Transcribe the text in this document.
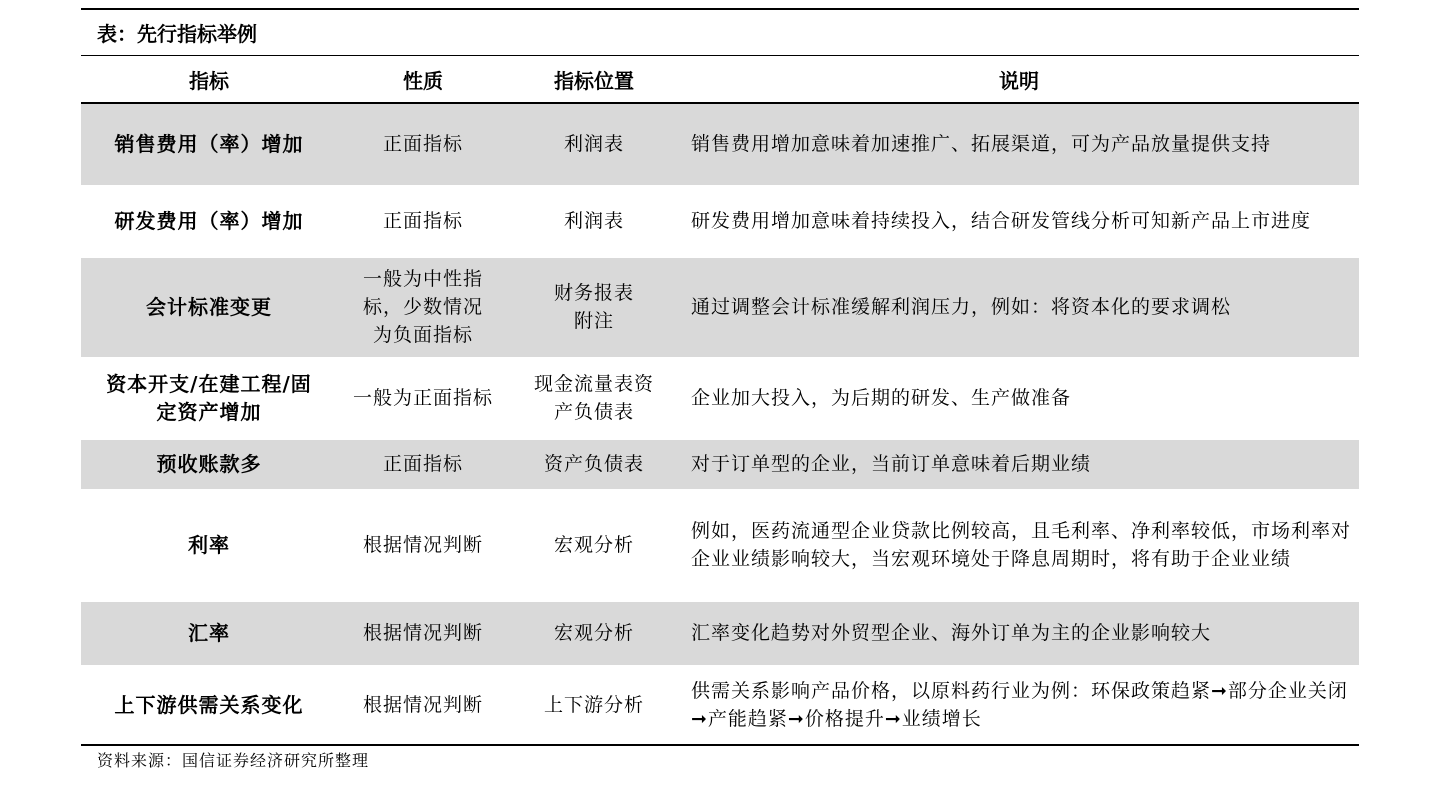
表：先行指标举例
指标	性质	指标位置	说明
销售费用（率）增加	正面指标	利润表	销售费用增加意味着加速推广、拓展渠道，可为产品放量提供支持
研发费用（率）增加	正面指标	利润表	研发费用增加意味着持续投入，结合研发管线分析可知新产品上市进度
会计标准变更	一般为中性指标，少数情况为负面指标	财务报表附注	通过调整会计标准缓解利润压力，例如：将资本化的要求调松
资本开支/在建工程/固定资产增加	一般为正面指标	现金流量表资产负债表	企业加大投入，为后期的研发、生产做准备
预收账款多	正面指标	资产负债表	对于订单型的企业，当前订单意味着后期业绩
利率	根据情况判断	宏观分析	例如，医药流通型企业贷款比例较高，且毛利率、净利率较低，市场利率对企业业绩影响较大，当宏观环境处于降息周期时，将有助于企业业绩
汇率	根据情况判断	宏观分析	汇率变化趋势对外贸型企业、海外订单为主的企业影响较大
上下游供需关系变化	根据情况判断	上下游分析	供需关系影响产品价格，以原料药行业为例：环保政策趋紧➞部分企业关闭➞产能趋紧➞价格提升➞业绩增长
资料来源：国信证券经济研究所整理
